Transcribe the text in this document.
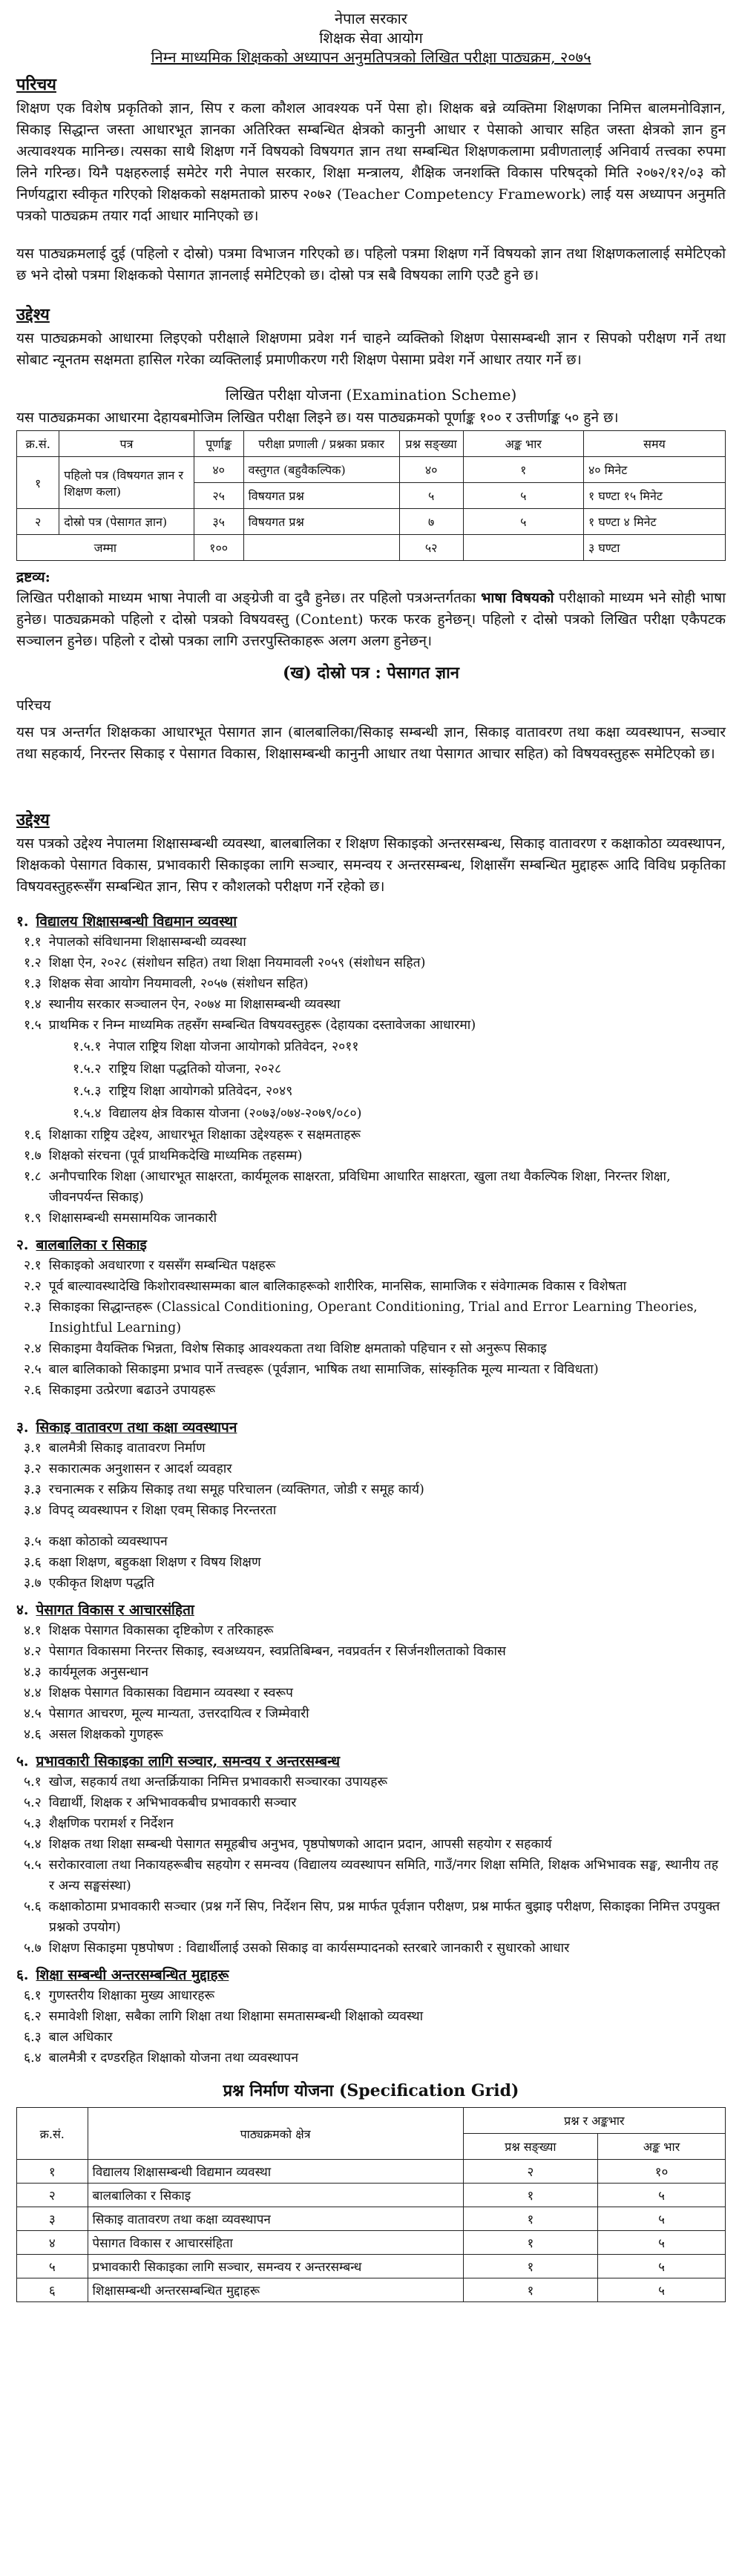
नेपाल सरकार
शिक्षक सेवा आयोग
निम्न माध्यमिक शिक्षकको अध्यापन अनुमतिपत्रको लिखित परीक्षा पाठ्यक्रम, २०७५
परिचय

शिक्षण एक विशेष प्रकृतिको ज्ञान, सिप र कला कौशल आवश्यक पर्ने पेसा हो। शिक्षक बन्ने व्यक्तिमा शिक्षणका निमित्त बालमनोविज्ञान, सिकाइ सिद्धान्त जस्ता आधारभूत ज्ञानका अतिरिक्त सम्बन्धित क्षेत्रको कानुनी आधार र पेसाको आचार सहित जस्ता क्षेत्रको ज्ञान हुन अत्यावश्यक मानिन्छ। त्यसका साथै शिक्षण गर्ने विषयको विषयगत ज्ञान तथा सम्बन्धित शिक्षणकलामा प्रवीणताला़ई अनिवार्य तत्त्वका रुपमा लिने गरिन्छ। यिनै पक्षहरुलाई समेटेर गरी नेपाल सरकार, शिक्षा मन्त्रालय, शैक्षिक जनशक्ति विकास परिषद्को मिति २०७२/१२/०३ को निर्णयद्वारा स्वीकृत गरिएको शिक्षकको सक्षमताको प्रारुप २०७२ (Teacher Competency Framework) लाई यस अध्यापन अनुमति पत्रको पाठ्यक्रम तयार गर्दा आधार मानिएको छ।

यस पाठ्यक्रमलाई दुई (पहिलो र दोस्रो) पत्रमा विभाजन गरिएको छ। पहिलो पत्रमा शिक्षण गर्ने विषयको ज्ञान तथा शिक्षणकलालाई समेटिएको छ भने दोस्रो पत्रमा शिक्षकको पेसागत ज्ञानलाई समेटिएको छ। दोस्रो पत्र सबै विषयका लागि एउटै हुने छ।

उद्देश्य

यस पाठ्यक्रमको आधारमा लिइएको परीक्षाले शिक्षणमा प्रवेश गर्न चाहने व्यक्तिको शिक्षण पेसासम्बन्धी ज्ञान र सिपको परीक्षण गर्ने तथा सोबाट न्यूनतम सक्षमता हासिल गरेका व्यक्तिलाई प्रमाणीकरण गरी शिक्षण पेसामा प्रवेश गर्ने आधार तयार गर्ने छ।

लिखित परीक्षा योजना (Examination Scheme)

यस पाठ्यक्रमका आधारमा देहायबमोजिम लिखित परीक्षा लिइने छ। यस पाठ्यक्रमको पूर्णाङ्क १०० र उत्तीर्णाङ्क ५० हुने छ।

क्र.सं.	पत्र	पूर्णाङ्क	परीक्षा प्रणाली / प्रश्नका प्रकार	प्रश्न सङ्ख्या	अङ्क भार	समय
१	पहिलो पत्र (विषयगत ज्ञान र शिक्षण कला)	४०	वस्तुगत (बहुवैकल्पिक)	४०	१	४० मिनेट
		२५	विषयगत प्रश्न	५	५	१ घण्टा १५ मिनेट
२	दोस्रो पत्र (पेसागत ज्ञान)	३५	विषयगत प्रश्न	७	५	१ घण्टा ४ मिनेट
जम्मा		१००		५२		३ घण्टा
द्रष्टव्य:

लिखित परीक्षाको माध्यम भाषा नेपाली वा अङ्ग्रेजी वा दुवै हुनेछ। तर पहिलो पत्रअन्तर्गतका भाषा विषयको परीक्षाको माध्यम भने सोही भाषा हुनेछ। पाठ्यक्रमको पहिलो र दोस्रो पत्रको विषयवस्तु (Content) फरक फरक हुनेछन्। पहिलो र दोस्रो पत्रको लिखित परीक्षा एकैपटक सञ्चालन हुनेछ। पहिलो र दोस्रो पत्रका लागि उत्तरपुस्तिकाहरू अलग अलग हुनेछन्।

(ख) दोस्रो पत्र : पेसागत ज्ञान
परिचय

यस पत्र अन्तर्गत शिक्षकका आधारभूत पेसागत ज्ञान (बालबालिका/सिकाइ सम्बन्धी ज्ञान, सिकाइ वातावरण तथा कक्षा व्यवस्थापन, सञ्चार तथा सहकार्य, निरन्तर सिकाइ र पेसागत विकास, शिक्षासम्बन्धी कानुनी आधार तथा पेसागत आचार सहित) को विषयवस्तुहरू समेटिएको छ।

उद्देश्य

यस पत्रको उद्देश्य नेपालमा शिक्षासम्बन्धी व्यवस्था, बालबालिका र शिक्षण सिकाइको अन्तरसम्बन्ध, सिकाइ वातावरण र कक्षाकोठा व्यवस्थापन, शिक्षकको पेसागत विकास, प्रभावकारी सिकाइका लागि सञ्चार, समन्वय र अन्तरसम्बन्ध, शिक्षासँग सम्बन्धित मुद्दाहरू आदि विविध प्रकृतिका विषयवस्तुहरूसँग सम्बन्धित ज्ञान, सिप र कौशलको परीक्षण गर्ने रहेको छ।

१. विद्यालय शिक्षासम्बन्धी विद्यमान व्यवस्था
१.१ नेपालको संविधानमा शिक्षासम्बन्धी व्यवस्था
१.२ शिक्षा ऐन, २०२८ (संशोधन सहित) तथा शिक्षा नियमावली २०५९ (संशोधन सहित)
१.३ शिक्षक सेवा आयोग नियमावली, २०५७ (संशोधन सहित)
१.४ स्थानीय सरकार सञ्चालन ऐन, २०७४ मा शिक्षासम्बन्धी व्यवस्था
१.५ प्राथमिक र निम्न माध्यमिक तहसँग सम्बन्धित विषयवस्तुहरू (देहायका दस्तावेजका आधारमा)
१.५.१ नेपाल राष्ट्रिय शिक्षा योजना आयोगको प्रतिवेदन, २०११
१.५.२ राष्ट्रिय शिक्षा पद्धतिको योजना, २०२८
१.५.३ राष्ट्रिय शिक्षा आयोगको प्रतिवेदन, २०४९
१.५.४ विद्यालय क्षेत्र विकास योजना (२०७३/०७४-२०७९/०८०)
१.६ शिक्षाका राष्ट्रिय उद्देश्य, आधारभूत शिक्षाका उद्देश्यहरू र सक्षमताहरू
१.७ शिक्षको संरचना (पूर्व प्राथमिकदेखि माध्यमिक तहसम्म)
१.८ अनौपचारिक शिक्षा (आधारभूत साक्षरता, कार्यमूलक साक्षरता, प्रविधिमा आधारित साक्षरता, खुला तथा वैकल्पिक शिक्षा, निरन्तर शिक्षा, जीवनपर्यन्त सिकाइ)
१.९ शिक्षासम्बन्धी समसामयिक जानकारी
२. बालबालिका र सिकाइ
२.१ सिकाइको अवधारणा र यससँग सम्बन्धित पक्षहरू
२.२ पूर्व बाल्यावस्थादेखि किशोरावस्थासम्मका बाल बालिकाहरूको शारीरिक, मानसिक, सामाजिक र संवेगात्मक विकास र विशेषता
२.३ सिकाइका सिद्धान्तहरू (Classical Conditioning, Operant Conditioning, Trial and Error Learning Theories, Insightful Learning)
२.४ सिकाइमा वैयक्तिक भिन्नता, विशेष सिकाइ आवश्यकता तथा विशिष्ट क्षमताको पहिचान र सो अनुरूप सिकाइ
२.५ बाल बालिकाको सिकाइमा प्रभाव पार्ने तत्त्वहरू (पूर्वज्ञान, भाषिक तथा सामाजिक, सांस्कृतिक मूल्य मान्यता र विविधता)
२.६ सिकाइमा उत्प्रेरणा बढाउने उपायहरू
३. सिकाइ वातावरण तथा कक्षा व्यवस्थापन
३.१ बालमैत्री सिकाइ वातावरण निर्माण
३.२ सकारात्मक अनुशासन र आदर्श व्यवहार
३.३ रचनात्मक र सक्रिय सिकाइ तथा समूह परिचालन (व्यक्तिगत, जोडी र समूह कार्य)
३.४ विपद् व्यवस्थापन र शिक्षा एवम् सिकाइ निरन्तरता
३.५ कक्षा कोठाको व्यवस्थापन
३.६ कक्षा शिक्षण, बहुकक्षा शिक्षण र विषय शिक्षण
३.७ एकीकृत शिक्षण पद्धति
४. पेसागत विकास र आचारसंहिता
४.१ शिक्षक पेसागत विकासका दृष्टिकोण र तरिकाहरू
४.२ पेसागत विकासमा निरन्तर सिकाइ, स्वअध्ययन, स्वप्रतिबिम्बन, नवप्रवर्तन र सिर्जनशीलताको विकास
४.३ कार्यमूलक अनुसन्धान
४.४ शिक्षक पेसागत विकासका विद्यमान व्यवस्था र स्वरूप
४.५ पेसागत आचरण, मूल्य मान्यता, उत्तरदायित्व र जिम्मेवारी
४.६ असल शिक्षकको गुणहरू
५. प्रभावकारी सिकाइका लागि सञ्चार, समन्वय र अन्तरसम्बन्ध
५.१ खोज, सहकार्य तथा अन्तर्क्रियाका निमित्त प्रभावकारी सञ्चारका उपायहरू
५.२ विद्यार्थी, शिक्षक र अभिभावकबीच प्रभावकारी सञ्चार
५.३ शैक्षणिक परामर्श र निर्देशन
५.४ शिक्षक तथा शिक्षा सम्बन्धी पेसागत समूहबीच अनुभव, पृष्ठपोषणको आदान प्रदान, आपसी सहयोग र सहकार्य
५.५ सरोकारवाला तथा निकायहरूबीच सहयोग र समन्वय (विद्यालय व्यवस्थापन समिति, गाउँ/नगर शिक्षा समिति, शिक्षक अभिभावक सङ्घ, स्थानीय तह र अन्य सङ्घसंस्था)
५.६ कक्षाकोठामा प्रभावकारी सञ्चार (प्रश्न गर्ने सिप, निर्देशन सिप, प्रश्न मार्फत पूर्वज्ञान परीक्षण, प्रश्न मार्फत बुझाइ परीक्षण, सिकाइका निमित्त उपयुक्त प्रश्नको उपयोग)
५.७ शिक्षण सिकाइमा पृष्ठपोषण : विद्यार्थीलाई उसको सिकाइ वा कार्यसम्पादनको स्तरबारे जानकारी र सुधारको आधार
६. शिक्षा सम्बन्धी अन्तरसम्बन्धित मुद्दाहरू
६.१ गुणस्तरीय शिक्षाका मुख्य आधारहरू
६.२ समावेशी शिक्षा, सबैका लागि शिक्षा तथा शिक्षामा समतासम्बन्धी शिक्षाको व्यवस्था
६.३ बाल अधिकार
६.४ बालमैत्री र दण्डरहित शिक्षाको योजना तथा व्यवस्थापन
प्रश्न निर्माण योजना (Specification Grid)
क्र.सं.	पाठ्यक्रमको क्षेत्र	प्रश्न र अङ्कभार	
		प्रश्न सङ्ख्या	अङ्क भार
१	विद्यालय शिक्षासम्बन्धी विद्यमान व्यवस्था	२	१०
२	बालबालिका र सिकाइ	१	५
३	सिकाइ वातावरण तथा कक्षा व्यवस्थापन	१	५
४	पेसागत विकास र आचारसंहिता	१	५
५	प्रभावकारी सिकाइका लागि सञ्चार, समन्वय र अन्तरसम्बन्ध	१	५
६	शिक्षासम्बन्धी अन्तरसम्बन्धित मुद्दाहरू	१	५
